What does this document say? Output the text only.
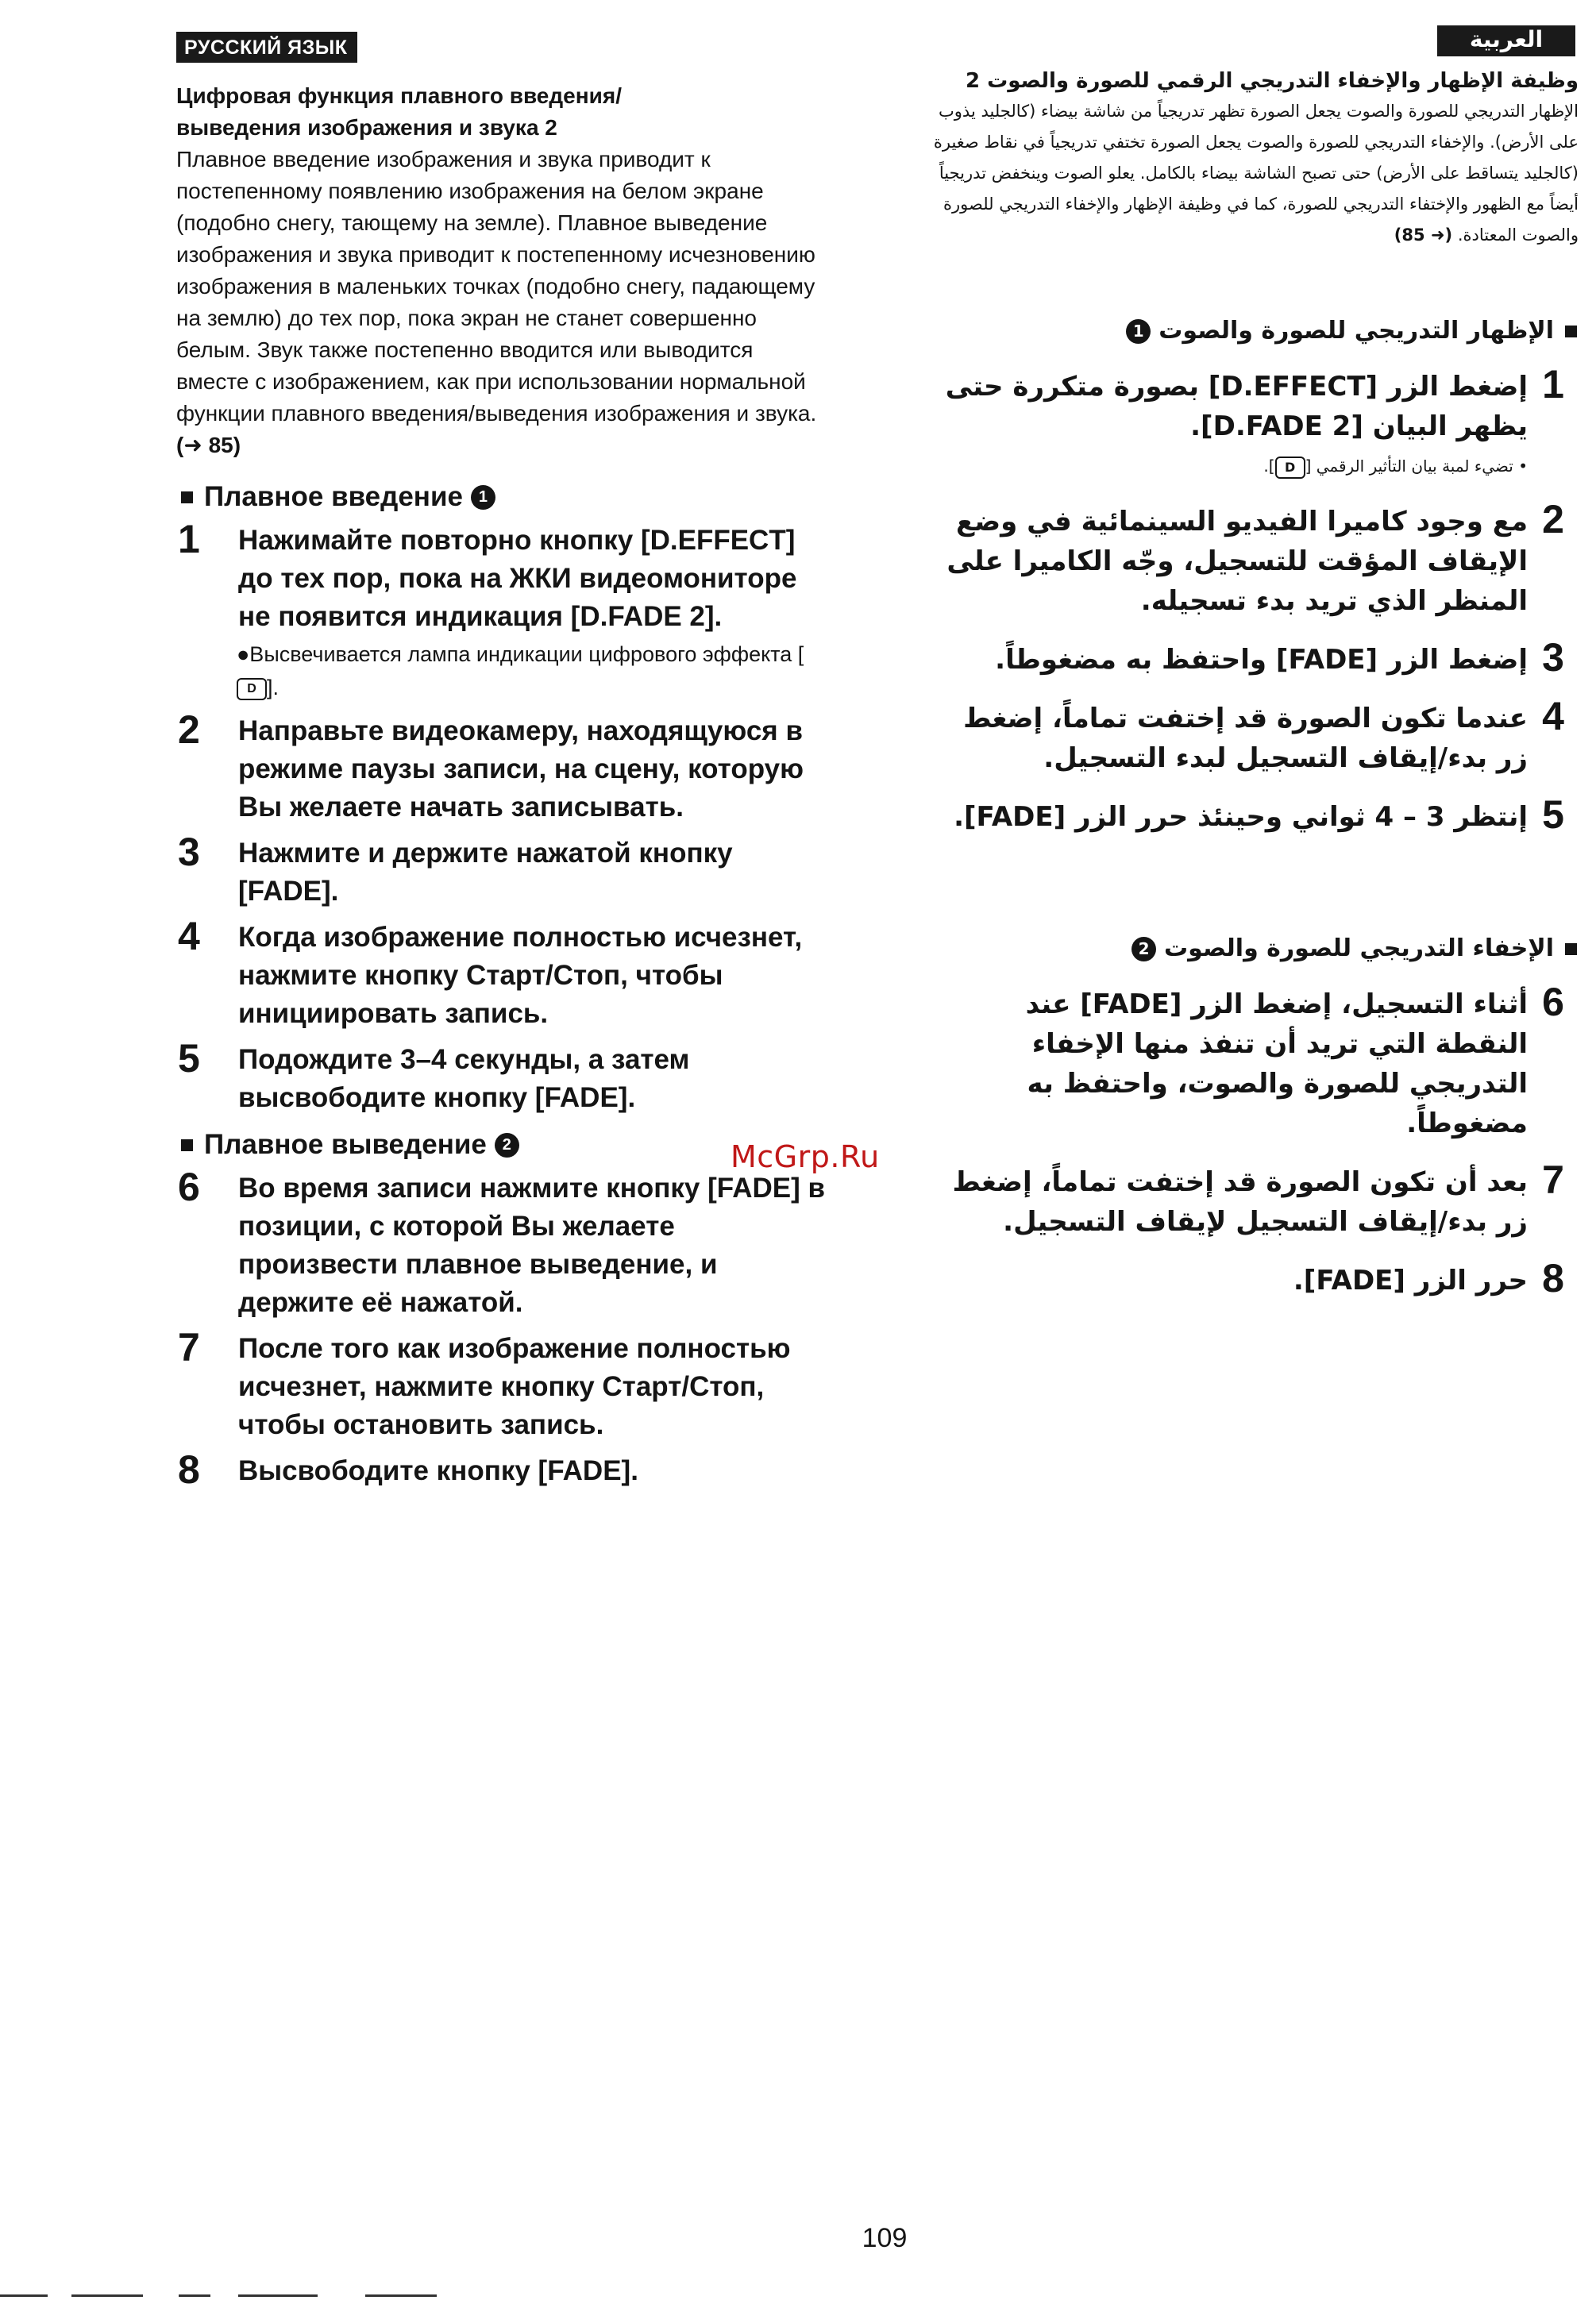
РУССКИЙ ЯЗЫК
Цифровая функция плавного введения/
выведения изображения и звука 2
Плавное введение изображения и звука приводит к постепенному появлению изображения на белом экране (подобно снегу, тающему на земле). Плавное выведение изображения и звука приводит к постепенному исчезновению изображения в маленьких точках (подобно снегу, падающему на землю) до тех пор, пока экран не станет совершенно белым. Звук также постепенно вводится или выводится вместе с изображением, как при использовании нормальной функции плавного введения/выведения изображения и звука. (➜ 85)
Плавное введение 1
1	Нажимайте повторно кнопку [D.EFFECT] до тех пор, пока на ЖКИ видеомониторе не появится индикация [D.FADE 2].
●Высвечивается лампа индикации цифрового эффекта [D ].
2	Направьте видеокамеру, находящуюся в режиме паузы записи, на сцену, которую Вы желаете начать записывать.
3	Нажмите и держите нажатой кнопку [FADE].
4	Когда изображение полностью исчезнет, нажмите кнопку Старт/Стоп, чтобы инициировать запись.
5	Подождите 3–4 секунды, а затем высвободите кнопку [FADE].
Плавное выведение 2
6	Во время записи нажмите кнопку [FADE] в позиции, с которой Вы желаете произвести плавное выведение, и держите её нажатой.
7	После того как изображение полностью исчезнет, нажмите кнопку Старт/Стоп, чтобы остановить запись.
8	Высвободите кнопку [FADE].
العربية
وظيفة الإظهار والإخفاء التدريجي الرقمي للصورة والصوت 2
الإظهار التدريجي للصورة والصوت يجعل الصورة تظهر تدريجياً من شاشة بيضاء (كالجليد يذوب على الأرض). والإخفاء التدريجي للصورة والصوت يجعل الصورة تختفي تدريجياً في نقاط صغيرة (كالجليد يتساقط على الأرض) حتى تصبح الشاشة بيضاء بالكامل. يعلو الصوت وينخفض تدريجياً أيضاً مع الظهور والإختفاء التدريجي للصورة، كما في وظيفة الإظهار والإخفاء التدريجي للصورة والصوت المعتادة. (➜ 85)
الإظهار التدريجي للصورة والصوت
1
1
إضغط الزر [D.EFFECT] بصورة متكررة حتى يظهر البيان [D.FADE 2].
• تضيء لمبة بيان التأثير الرقمي [D].
2
مع وجود كاميرا الفيديو السينمائية في وضع الإيقاف المؤقت للتسجيل، وجّه الكاميرا على المنظر الذي تريد بدء تسجيله.
3
إضغط الزر [FADE] واحتفظ به مضغوطاً.
4
عندما تكون الصورة قد إختفت تماماً، إضغط زر بدء/إيقاف التسجيل لبدء التسجيل.
5
إنتظر 3 – 4 ثواني وحينئذ حرر الزر [FADE].
الإخفاء التدريجي للصورة والصوت
2
6
أثناء التسجيل، إضغط الزر [FADE] عند النقطة التي تريد أن تنفذ منها الإخفاء التدريجي للصورة والصوت، واحتفظ به مضغوطاً.
7
بعد أن تكون الصورة قد إختفت تماماً، إضغط زر بدء/إيقاف التسجيل لإيقاف التسجيل.
8
حرر الزر [FADE].
McGrp.Ru
109
